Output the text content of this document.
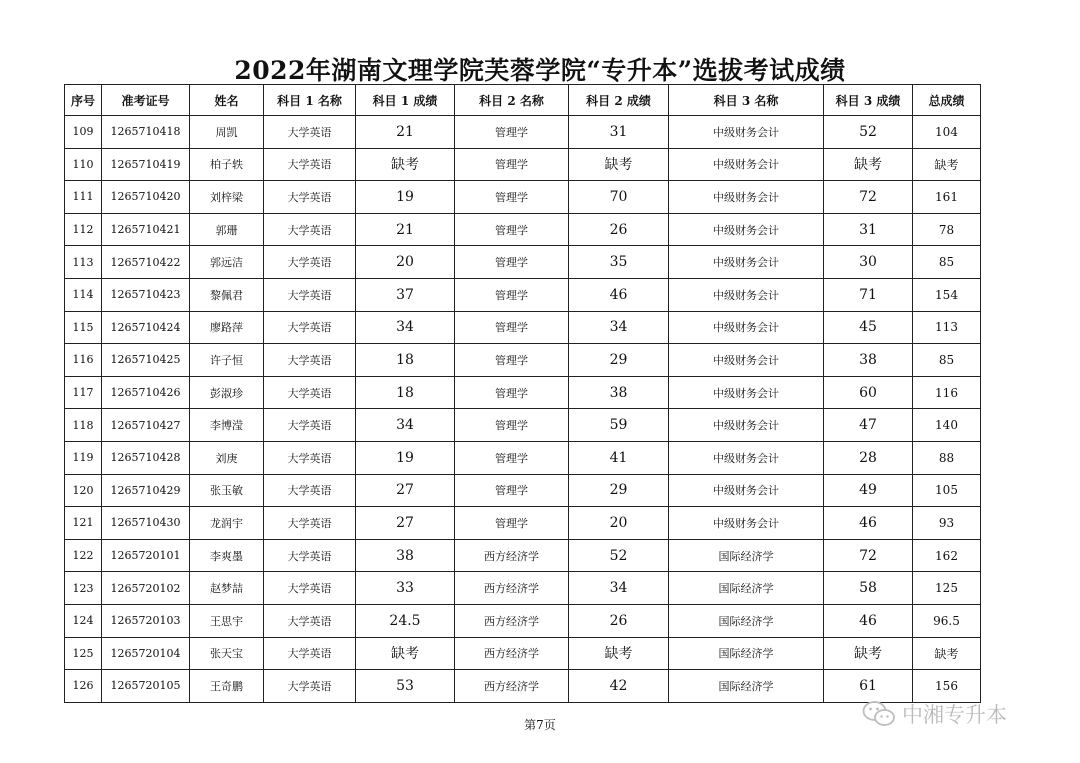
2022年湖南文理学院芙蓉学院“专升本”选拔考试成绩
序号	准考证号	姓名	科目 1 名称	科目 1 成绩	科目 2 名称	科目 2 成绩	科目 3 名称	科目 3 成绩	总成绩
109	1265710418	周凯	大学英语	21	管理学	31	中级财务会计	52	104
110	1265710419	柏子轶	大学英语	缺考	管理学	缺考	中级财务会计	缺考	缺考
111	1265710420	刘梓梁	大学英语	19	管理学	70	中级财务会计	72	161
112	1265710421	郭珊	大学英语	21	管理学	26	中级财务会计	31	78
113	1265710422	郭远洁	大学英语	20	管理学	35	中级财务会计	30	85
114	1265710423	黎佩君	大学英语	37	管理学	46	中级财务会计	71	154
115	1265710424	廖路萍	大学英语	34	管理学	34	中级财务会计	45	113
116	1265710425	许子恒	大学英语	18	管理学	29	中级财务会计	38	85
117	1265710426	彭淑珍	大学英语	18	管理学	38	中级财务会计	60	116
118	1265710427	李博滢	大学英语	34	管理学	59	中级财务会计	47	140
119	1265710428	刘庚	大学英语	19	管理学	41	中级财务会计	28	88
120	1265710429	张玉敏	大学英语	27	管理学	29	中级财务会计	49	105
121	1265710430	龙润宇	大学英语	27	管理学	20	中级财务会计	46	93
122	1265720101	李爽墨	大学英语	38	西方经济学	52	国际经济学	72	162
123	1265720102	赵梦喆	大学英语	33	西方经济学	34	国际经济学	58	125
124	1265720103	王思宇	大学英语	24.5	西方经济学	26	国际经济学	46	96.5
125	1265720104	张天宝	大学英语	缺考	西方经济学	缺考	国际经济学	缺考	缺考
126	1265720105	王奇鹏	大学英语	53	西方经济学	42	国际经济学	61	156
第7页	中湘专升本
